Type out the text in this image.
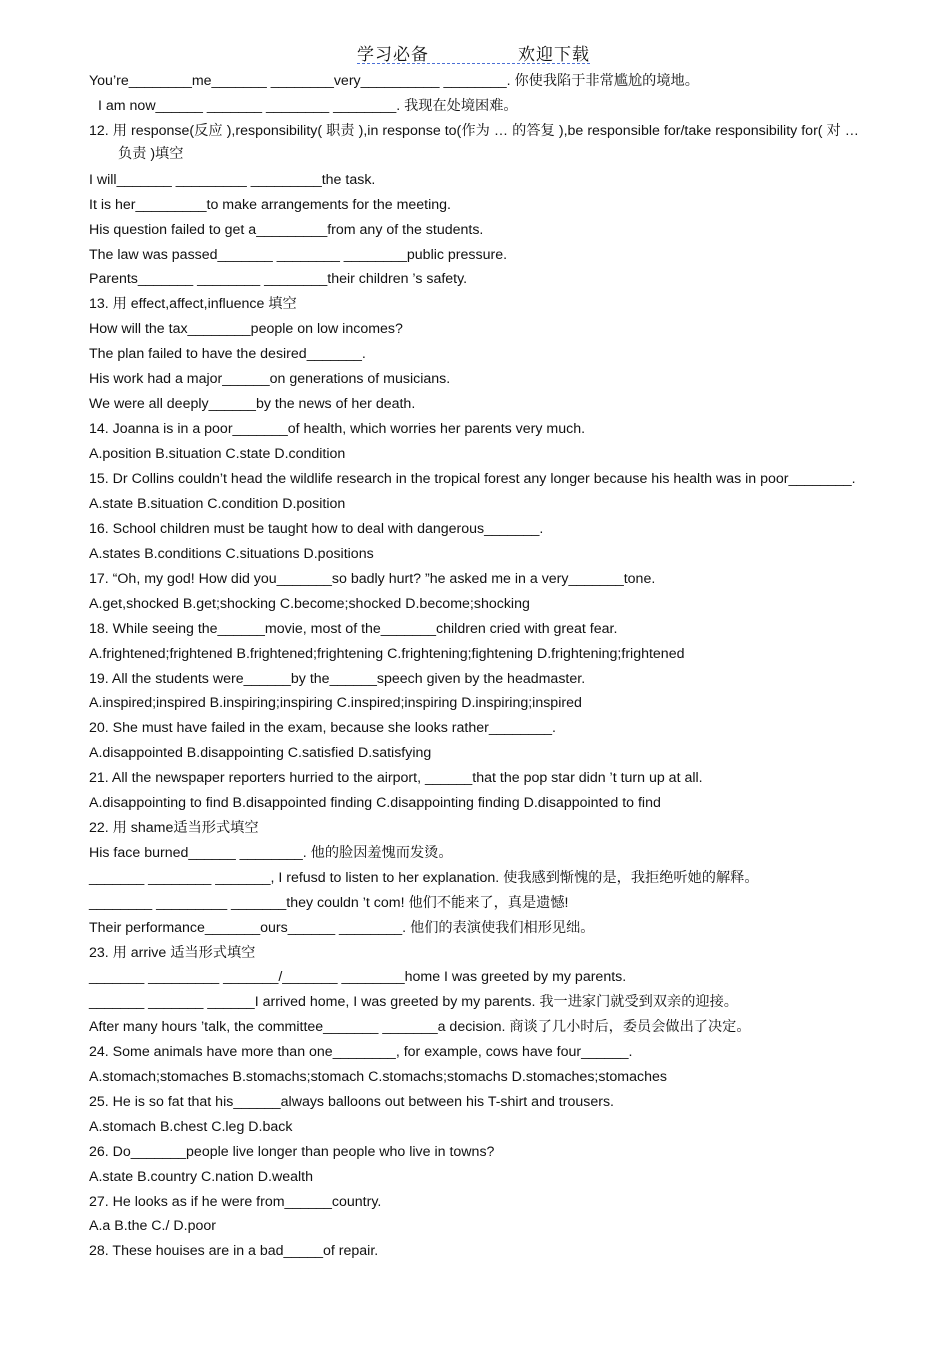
学习必备	欢迎下载
You’re________me_______ ________very__________ ________. 你使我陷于非常尴尬的境地。
I am now______ _______ ________ ________. 我现在处境困难。
12. 用 response(反应 ),responsibility( 职责 ),in response to(作为 … 的答复 ),be responsible for/take responsibility for( 对 … 负责 )填空
I will_______ _________ _________the task.
It is her_________to make arrangements for the meeting.
His question failed to get a_________from any of the students.
The law was passed_______ ________ ________public pressure.
Parents_______ ________ ________their children ’s safety.
13. 用 effect,affect,influence 填空
How will the tax________people on low incomes?
The plan failed to have the desired_______.
His work had a major______on generations of musicians.
We were all deeply______by the news of her death.
14. Joanna is in a poor_______of health, which worries her parents very much.
A.position B.situation C.state D.condition
15. Dr Collins couldn’t head the wildlife research in the tropical forest any longer because his health was in poor________.
A.state B.situation C.condition D.position
16. School children must be taught how to deal with dangerous_______.
A.states B.conditions C.situations D.positions
17. “Oh, my god! How did you_______so badly hurt? ”he asked me in a very_______tone.
A.get,shocked B.get;shocking C.become;shocked D.become;shocking
18. While seeing the______movie, most of the_______children cried with great fear.
A.frightened;frightened B.frightened;frightening C.frightening;fightening D.frightening;frightened
19. All the students were______by the______speech given by the headmaster.
A.inspired;inspired B.inspiring;inspiring C.inspired;inspiring D.inspiring;inspired
20. She must have failed in the exam, because she looks rather________.
A.disappointed B.disappointing C.satisfied D.satisfying
21. All the newspaper reporters hurried to the airport, ______that the pop star didn ’t turn up at all.
A.disappointing to find B.disappointed finding C.disappointing finding D.disappointed to find
22. 用 shame适当形式填空
His face burned______ ________. 他的脸因羞愧而发烫。
_______ ________ _______, I refusd to listen to her explanation. 使我感到惭愧的是，我拒绝听她的解释。
________ _________ _______they couldn ’t com! 他们不能来了，真是遗憾!
Their performance_______ours______ ________. 他们的表演使我们相形见绌。
23. 用 arrive 适当形式填空
_______ _________ _______/_______ ________home I was greeted by my parents.
_______ _______ ______I arrived home, I was greeted by my parents. 我一进家门就受到双亲的迎接。
After many hours ’talk, the committee_______ _______a decision. 商谈了几小时后，委员会做出了决定。
24. Some animals have more than one________, for example, cows have four______.
A.stomach;stomaches B.stomachs;stomach C.stomachs;stomachs D.stomaches;stomaches
25. He is so fat that his______always balloons out between his T-shirt and trousers.
A.stomach B.chest C.leg D.back
26. Do_______people live longer than people who live in towns?
A.state B.country C.nation D.wealth
27. He looks as if he were from______country.
A.a B.the C./ D.poor
28. These houises are in a bad_____of repair.
